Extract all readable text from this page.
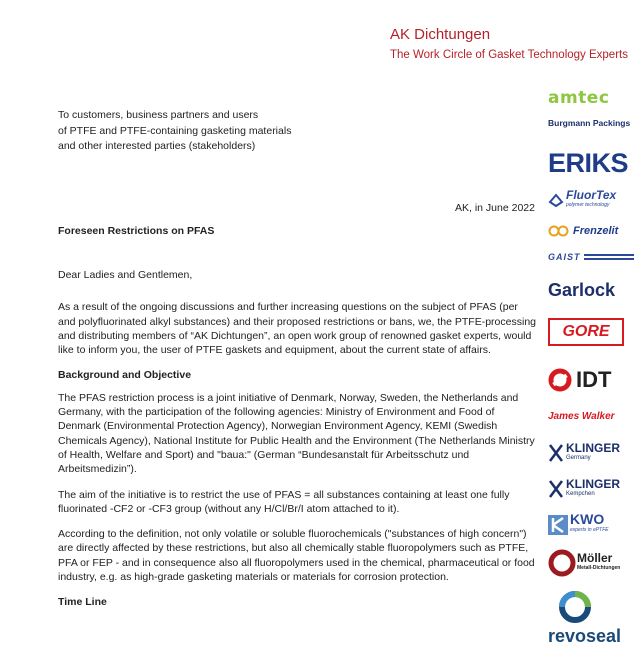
AK Dichtungen
The Work Circle of Gasket Technology Experts
To customers, business partners and users
of PTFE and PTFE-containing gasketing materials
and other interested parties (stakeholders)
AK, in June 2022
Foreseen Restrictions on PFAS

Dear Ladies and Gentlemen,

As a result of the ongoing discussions and further increasing questions on the subject of PFAS (per and polyfluorinated alkyl substances) and their proposed restrictions or bans, we, the PTFE-processing and distributing members of “AK Dichtungen”, an open work group of renowned gasket experts, would like to inform you, the user of PTFE gaskets and equipment, about the current state of affairs.

Background and Objective

The PFAS restriction process is a joint initiative of Denmark, Norway, Sweden, the Netherlands and Germany, with the participation of the following agencies: Ministry of Environment and Food of Denmark (Environmental Protection Agency), Norwegian Environment Agency, KEMI (Swedish Chemicals Agency), National Institute for Public Health and the Environment (The Netherlands Ministry of Health, Welfare and Sport) and "baua:" (German “Bundesanstalt für Arbeitsschutz und Arbeitsmedizin”).

The aim of the initiative is to restrict the use of PFAS = all substances containing at least one fully fluorinated -CF2 or -CF3 group (without any H/Cl/Br/I atom attached to it).

According to the definition, not only volatile or soluble fluorochemicals ("substances of high concern") are directly affected by these restrictions, but also all chemically stable fluoropolymers such as PTFE, PFA or FEP - and in consequence also all fluoropolymers used in the chemical, pharmaceutical or food industry, e.g. as high-grade gasketing materials or materials for corrosion protection.

Time Line
amtec
Burgmann Packings
ERIKS
FluorTex
polymer technology
Frenzelit
GAIST
Garlock
GORE
IDT
James Walker
KLINGER
Germany
KLINGER
Kempchen
KWO
experts in ePTFE
Möller
Metall-Dichtungen
revoseal
